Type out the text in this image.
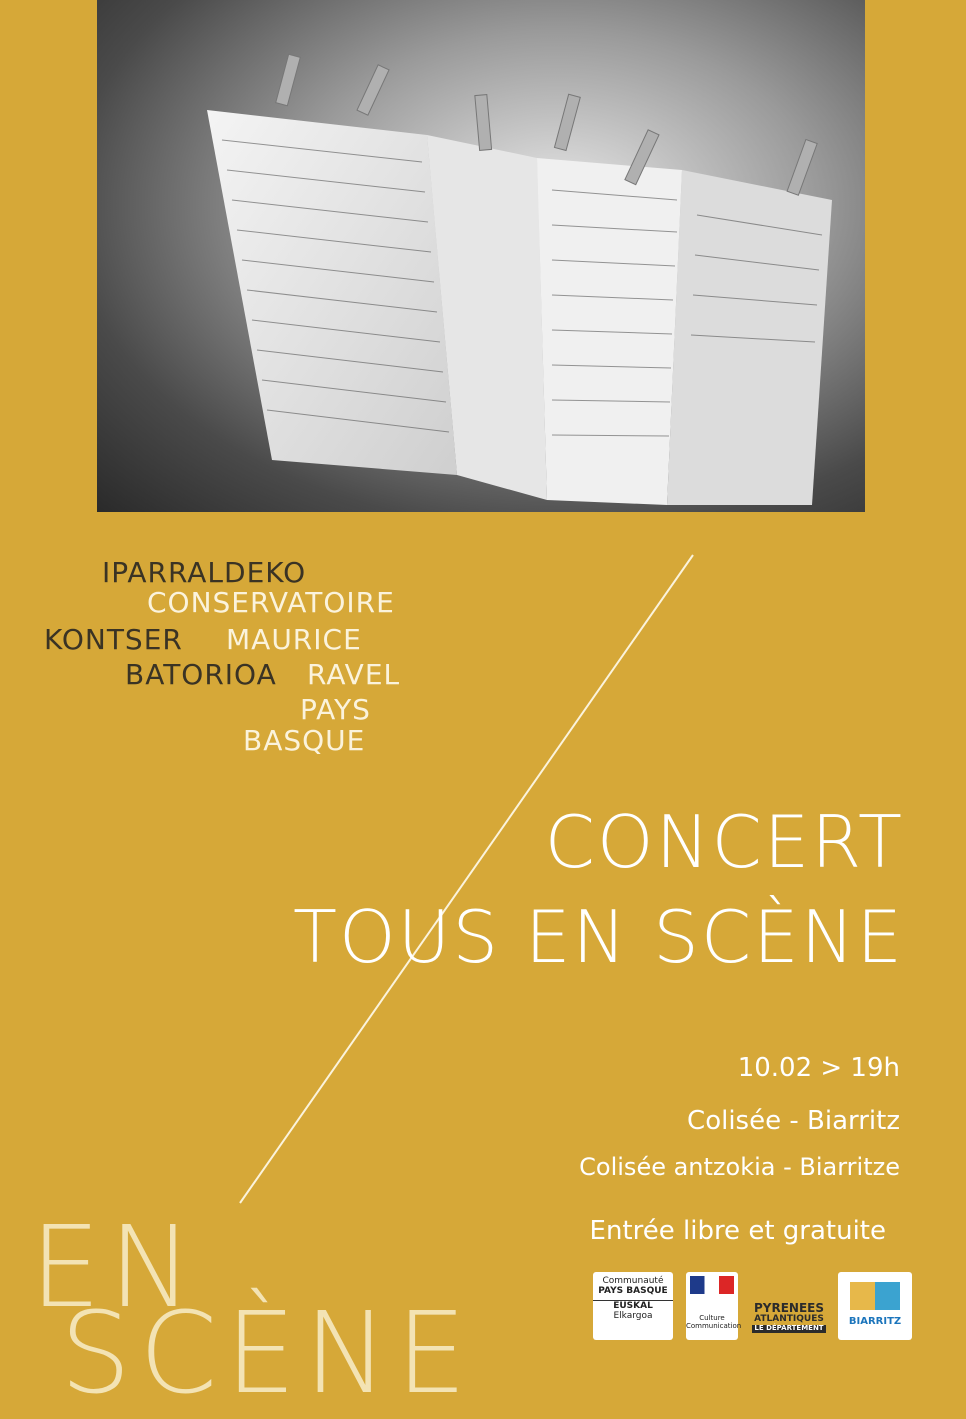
IPARRALDEKO
CONSERVATOIRE
KONTSER MAURICE
BATORIOA RAVEL
PAYS
BASQUE
CONCERT
TOUS EN SCÈNE
10.02 > 19h
Colisée - Biarritz
Colisée antzokia - Biarritze
Entrée libre et gratuite
EN
SCÈNE
Communauté
PAYS BASQUE
EUSKAL
Elkargoa	Culture Communication
PYRENEES
ATLANTIQUES
LE DÉPARTEMENT
BIARRITZ
